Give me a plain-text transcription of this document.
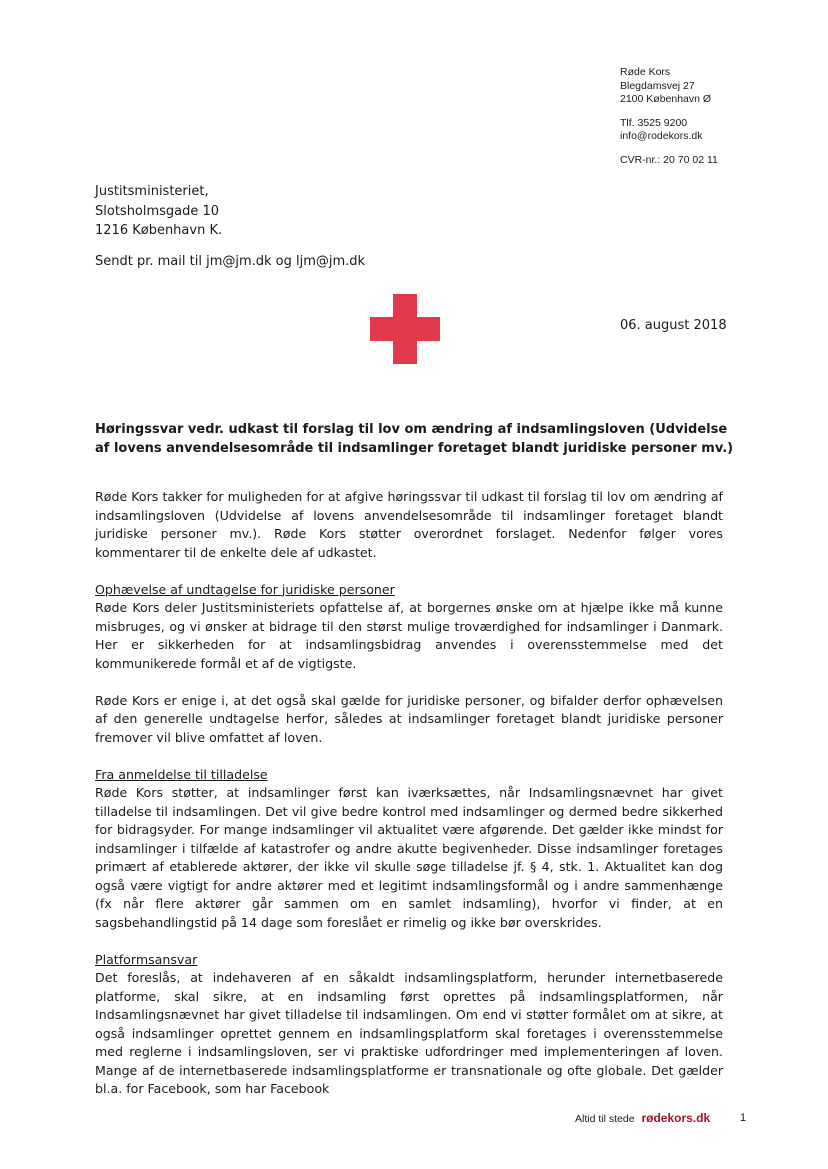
Røde Kors
Blegdamsvej 27
2100 København Ø
Tlf. 3525 9200
info@rodekors.dk
CVR-nr.: 20 70 02 11
Justitsministeriet,
Slotsholmsgade 10
1216 København K.
Sendt pr. mail til jm@jm.dk og ljm@jm.dk
06. august 2018
Høringssvar vedr. udkast til forslag til lov om ændring af indsamlingsloven (Udvidelse af lovens anvendelsesområde til indsamlinger foretaget blandt juridiske personer mv.)

Røde Kors takker for muligheden for at afgive høringssvar til udkast til forslag til lov om ændring af indsamlingsloven (Udvidelse af lovens anvendelsesområde til indsamlinger foretaget blandt juridiske personer mv.). Røde Kors støtter overordnet forslaget. Nedenfor følger vores kommentarer til de enkelte dele af udkastet.

Ophævelse af undtagelse for juridiske personer

Røde Kors deler Justitsministeriets opfattelse af, at borgernes ønske om at hjælpe ikke må kunne misbruges, og vi ønsker at bidrage til den størst mulige troværdighed for indsamlinger i Danmark. Her er sikkerheden for at indsamlingsbidrag anvendes i overensstemmelse med det kommunikerede formål et af de vigtigste.

Røde Kors er enige i, at det også skal gælde for juridiske personer, og bifalder derfor ophævelsen af den generelle undtagelse herfor, således at indsamlinger foretaget blandt juridiske personer fremover vil blive omfattet af loven.

Fra anmeldelse til tilladelse

Røde Kors støtter, at indsamlinger først kan iværksættes, når Indsamlingsnævnet har givet tilladelse til indsamlingen. Det vil give bedre kontrol med indsamlinger og dermed bedre sikkerhed for bidragsyder. For mange indsamlinger vil aktualitet være afgørende. Det gælder ikke mindst for indsamlinger i tilfælde af katastrofer og andre akutte begivenheder. Disse indsamlinger foretages primært af etablerede aktører, der ikke vil skulle søge tilladelse jf. § 4, stk. 1. Aktualitet kan dog også være vigtigt for andre aktører med et legitimt indsamlingsformål og i andre sammenhænge (fx når flere aktører går sammen om en samlet indsamling), hvorfor vi finder, at en sagsbehandlingstid på 14 dage som foreslået er rimelig og ikke bør overskrides.

Platformsansvar

Det foreslås, at indehaveren af en såkaldt indsamlingsplatform, herunder internetbaserede platforme, skal sikre, at en indsamling først oprettes på indsamlingsplatformen, når Indsamlingsnævnet har givet tilladelse til indsamlingen. Om end vi støtter formålet om at sikre, at også indsamlinger oprettet gennem en indsamlingsplatform skal foretages i overensstemmelse med reglerne i indsamlingsloven, ser vi praktiske udfordringer med implementeringen af loven. Mange af de internetbaserede indsamlingsplatforme er transnationale og ofte globale. Det gælder bl.a. for Facebook, som har Facebook

Altid til stede rødekors.dk	1
